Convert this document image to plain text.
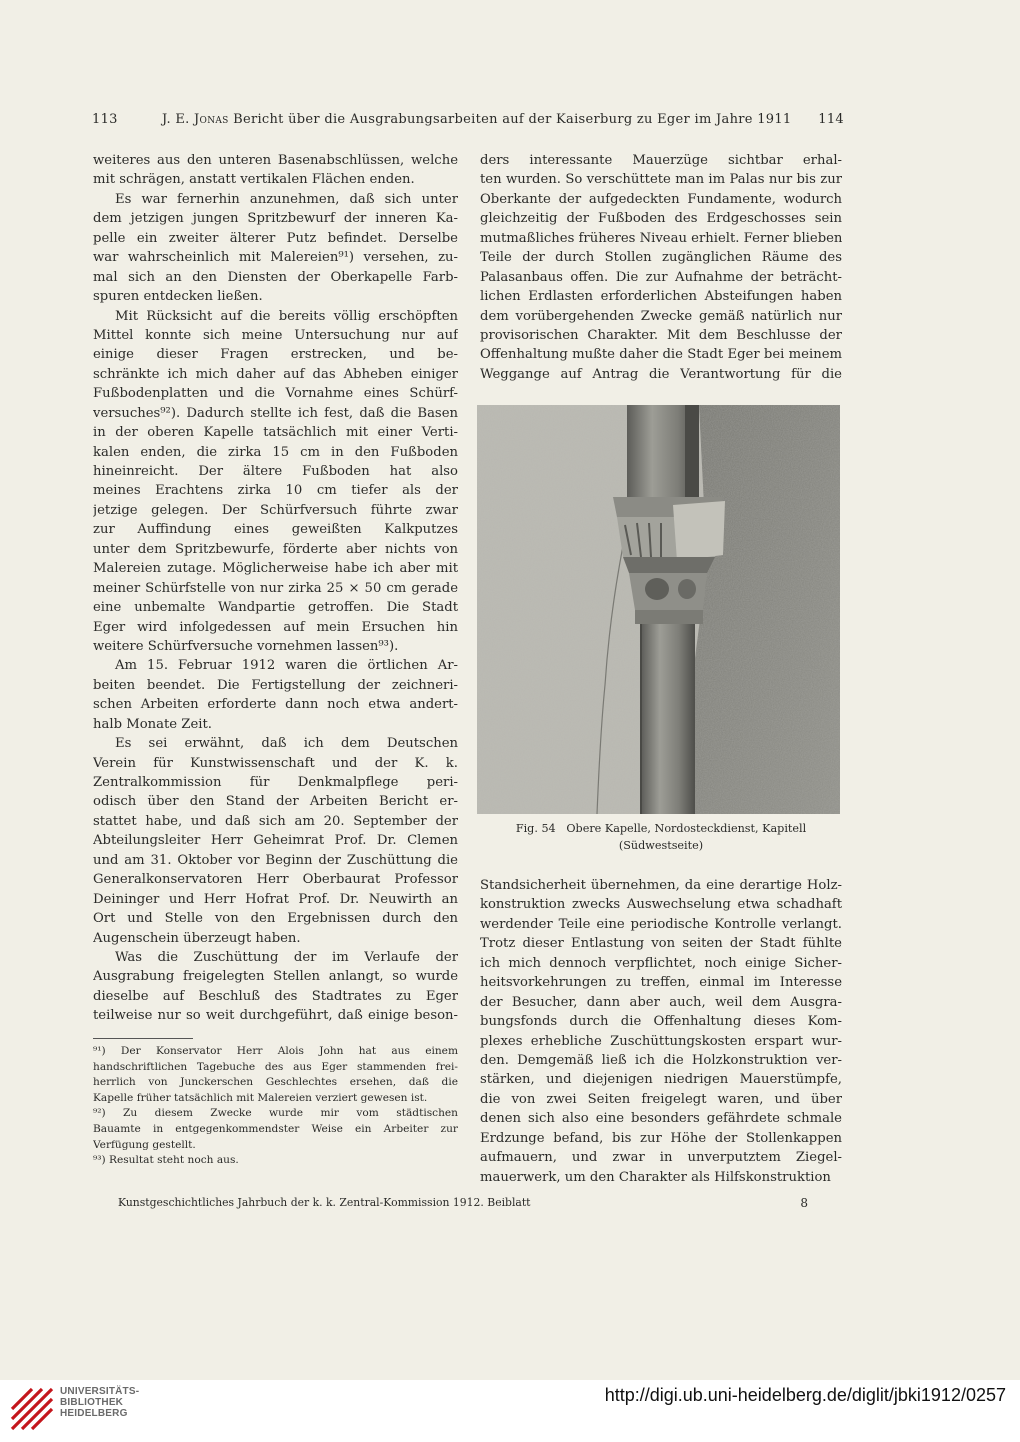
113	J. E. Jonas Bericht über die Ausgrabungsarbeiten auf der Kaiserburg zu Eger im Jahre 1911 114
weiteres aus den unteren Basenabschlüssen, welche
mit schrägen, anstatt vertikalen Flächen enden.
Es war fernerhin anzunehmen, daß sich unter
dem jetzigen jungen Spritzbewurf der inneren Ka-
pelle ein zweiter älterer Putz befindet. Derselbe
war wahrscheinlich mit Malereien⁹¹) versehen, zu-
mal sich an den Diensten der Oberkapelle Farb-
spuren entdecken ließen.
Mit Rücksicht auf die bereits völlig erschöpften
Mittel konnte sich meine Untersuchung nur auf
einige dieser Fragen erstrecken, und be-
schränkte ich mich daher auf das Abheben einiger
Fußbodenplatten und die Vornahme eines Schürf-
versuches⁹²). Dadurch stellte ich fest, daß die Basen
in der oberen Kapelle tatsächlich mit einer Verti-
kalen enden, die zirka 15 cm in den Fußboden
hineinreicht. Der ältere Fußboden hat also
meines Erachtens zirka 10 cm tiefer als der
jetzige gelegen. Der Schürfversuch führte zwar
zur Auffindung eines geweißten Kalkputzes
unter dem Spritzbewurfe, förderte aber nichts von
Malereien zutage. Möglicherweise habe ich aber mit
meiner Schürfstelle von nur zirka 25 × 50 cm gerade
eine unbemalte Wandpartie getroffen. Die Stadt
Eger wird infolgedessen auf mein Ersuchen hin
weitere Schürfversuche vornehmen lassen⁹³).
Am 15. Februar 1912 waren die örtlichen Ar-
beiten beendet. Die Fertigstellung der zeichneri-
schen Arbeiten erforderte dann noch etwa andert-
halb Monate Zeit.
Es sei erwähnt, daß ich dem Deutschen
Verein für Kunstwissenschaft und der K. k.
Zentralkommission für Denkmalpflege peri-
odisch über den Stand der Arbeiten Bericht er-
stattet habe, und daß sich am 20. September der
Abteilungsleiter Herr Geheimrat Prof. Dr. Clemen
und am 31. Oktober vor Beginn der Zuschüttung die
Generalkonservatoren Herr Oberbaurat Professor
Deininger und Herr Hofrat Prof. Dr. Neuwirth an
Ort und Stelle von den Ergebnissen durch den
Augenschein überzeugt haben.
Was die Zuschüttung der im Verlaufe der
Ausgrabung freigelegten Stellen anlangt, so wurde
dieselbe auf Beschluß des Stadtrates zu Eger
teilweise nur so weit durchgeführt, daß einige beson-
⁹¹) Der Konservator Herr Alois John hat aus einem
handschriftlichen Tagebuche des aus Eger stammenden frei-
herrlich von Junckerschen Geschlechtes ersehen, daß die
Kapelle früher tatsächlich mit Malereien verziert gewesen ist.
⁹²) Zu diesem Zwecke wurde mir vom städtischen
Bauamte in entgegenkommendster Weise ein Arbeiter zur
Verfügung gestellt.
⁹³) Resultat steht noch aus.
ders interessante Mauerzüge sichtbar erhal-
ten wurden. So verschüttete man im Palas nur bis zur
Oberkante der aufgedeckten Fundamente, wodurch
gleichzeitig der Fußboden des Erdgeschosses sein
mutmaßliches früheres Niveau erhielt. Ferner blieben
Teile der durch Stollen zugänglichen Räume des
Palasanbaus offen. Die zur Aufnahme der beträcht-
lichen Erdlasten erforderlichen Absteifungen haben
dem vorübergehenden Zwecke gemäß natürlich nur
provisorischen Charakter. Mit dem Beschlusse der
Offenhaltung mußte daher die Stadt Eger bei meinem
Weggange auf Antrag die Verantwortung für die
Fig. 54 Obere Kapelle, Nordosteckdienst, Kapitell
(Südwestseite)
Standsicherheit übernehmen, da eine derartige Holz-
konstruktion zwecks Auswechselung etwa schadhaft
werdender Teile eine periodische Kontrolle verlangt.
Trotz dieser Entlastung von seiten der Stadt fühlte
ich mich dennoch verpflichtet, noch einige Sicher-
heitsvorkehrungen zu treffen, einmal im Interesse
der Besucher, dann aber auch, weil dem Ausgra-
bungsfonds durch die Offenhaltung dieses Kom-
plexes erhebliche Zuschüttungskosten erspart wur-
den. Demgemäß ließ ich die Holzkonstruktion ver-
stärken, und diejenigen niedrigen Mauerstümpfe,
die von zwei Seiten freigelegt waren, und über
denen sich also eine besonders gefährdete schmale
Erdzunge befand, bis zur Höhe der Stollenkappen
aufmauern, und zwar in unverputztem Ziegel-
mauerwerk, um den Charakter als Hilfskonstruktion
Kunstgeschichtliches Jahrbuch der k. k. Zentral-Kommission 1912. Beiblatt	8
UNIVERSITÄTS-
BIBLIOTHEK
HEIDELBERG
http://digi.ub.uni-heidelberg.de/diglit/jbki1912/0257
